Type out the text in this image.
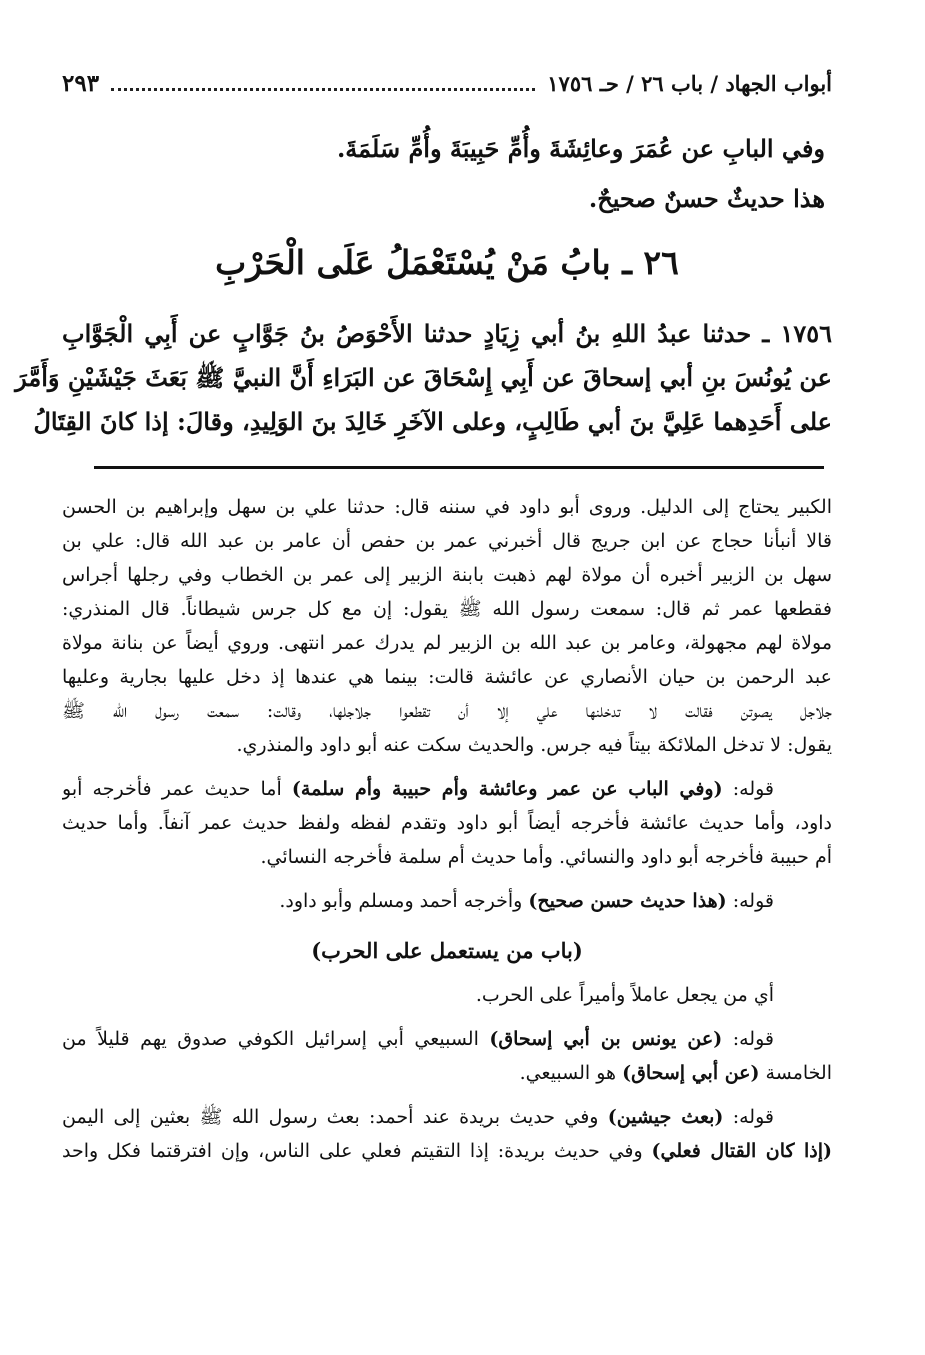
أبواب الجهاد / باب ٢٦ / حـ ١٧٥٦
٢٩٣

وفي البابِ عن عُمَرَ وعائِشَةَ وأُمِّ حَبِيبَةَ وأُمِّ سَلَمَةَ.

هذا حديثٌ حسنٌ صحيحٌ.

٢٦ ـ بابُ مَنْ يُسْتَعْمَلُ عَلَى الْحَرْبِ
١٧٥٦ ـ حدثنا عبدُ اللهِ بنُ أبي زِيَادٍ حدثنا الأَحْوَصُ بنُ جَوَّابٍ عن أَبِي الْجَوَّابِ
عن يُونُسَ بنِ أبي إسحاقَ عن أَبِي إِسْحَاقَ عن البَرَاءِ أَنَّ النبيَّ ﷺ بَعَثَ جَيْشَيْنِ وَأَمَّرَ
على أَحَدِهما عَلِيَّ بنَ أبي طَالِبٍ، وعلى الآخَرِ خَالِدَ بنَ الوَلِيدِ، وقالَ: إذا كانَ القِتَالُ
الكبير يحتاج إلى الدليل. وروى أبو داود في سننه قال: حدثنا علي بن سهل وإبراهيم بن الحسن
قالا أنبأنا حجاج عن ابن جريج قال أخبرني عمر بن حفص أن عامر بن عبد الله قال: علي بن
سهل بن الزبير أخبره أن مولاة لهم ذهبت بابنة الزبير إلى عمر بن الخطاب وفي رجلها أجراس
فقطعها عمر ثم قال: سمعت رسول الله ﷺ يقول: إن مع كل جرس شيطاناً. قال المنذري:
مولاة لهم مجهولة، وعامر بن عبد الله بن الزبير لم يدرك عمر انتهى. وروي أيضاً عن بنانة مولاة
عبد الرحمن بن حيان الأنصاري عن عائشة قالت: بينما هي عندها إذ دخل عليها بجارية وعليها
جلاجل يصوتن فقالت لا تدخلنها علي إلا أن تقطعوا جلاجلها، وقالت: سمعت رسول الله ﷺ
يقول: لا تدخل الملائكة بيتاً فيه جرس. والحديث سكت عنه أبو داود والمنذري.
قوله: (وفي الباب عن عمر وعائشة وأم حبيبة وأم سلمة) أما حديث عمر فأخرجه أبو
داود، وأما حديث عائشة فأخرجه أيضاً أبو داود وتقدم لفظه ولفظ حديث عمر آنفاً. وأما حديث
أم حبيبة فأخرجه أبو داود والنسائي. وأما حديث أم سلمة فأخرجه النسائي.
قوله: (هذا حديث حسن صحيح) وأخرجه أحمد ومسلم وأبو داود.
(باب من يستعمل على الحرب)
أي من يجعل عاملاً وأميراً على الحرب.
قوله: (عن يونس بن أبي إسحاق) السبيعي أبي إسرائيل الكوفي صدوق يهم قليلاً من
الخامسة (عن أبي إسحاق) هو السبيعي.
قوله: (بعث جيشين) وفي حديث بريدة عند أحمد: بعث رسول الله ﷺ بعثين إلى اليمن
(إذا كان القتال فعلي) وفي حديث بريدة: إذا التقيتم فعلي على الناس، وإن افترقتما فكل واحد
